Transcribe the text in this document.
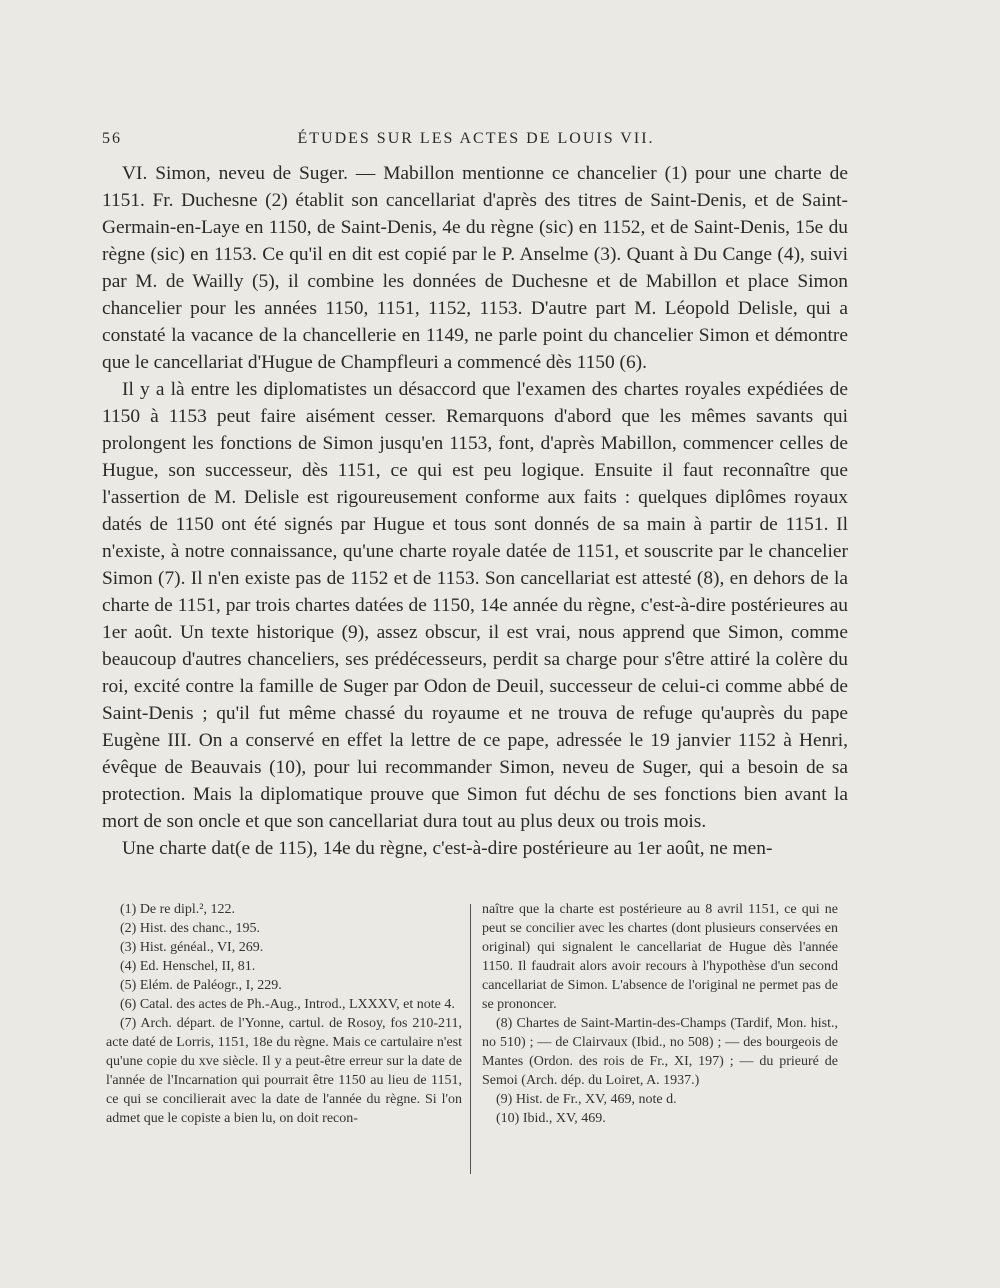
56	ÉTUDES SUR LES ACTES DE LOUIS VII.

VI. Simon, neveu de Suger. — Mabillon mentionne ce chancelier (1) pour une charte de 1151. Fr. Duchesne (2) établit son cancellariat d'après des titres de Saint-Denis, et de Saint-Germain-en-Laye en 1150, de Saint-Denis, 4e du règne (sic) en 1152, et de Saint-Denis, 15e du règne (sic) en 1153. Ce qu'il en dit est copié par le P. Anselme (3). Quant à Du Cange (4), suivi par M. de Wailly (5), il combine les données de Duchesne et de Mabillon et place Simon chancelier pour les années 1150, 1151, 1152, 1153. D'autre part M. Léopold Delisle, qui a constaté la vacance de la chancellerie en 1149, ne parle point du chancelier Simon et démontre que le cancellariat d'Hugue de Champfleuri a commencé dès 1150 (6).

Il y a là entre les diplomatistes un désaccord que l'examen des chartes royales expédiées de 1150 à 1153 peut faire aisément cesser. Remarquons d'abord que les mêmes savants qui prolongent les fonctions de Simon jusqu'en 1153, font, d'après Mabillon, commencer celles de Hugue, son successeur, dès 1151, ce qui est peu logique. Ensuite il faut reconnaître que l'assertion de M. Delisle est rigoureusement conforme aux faits : quelques diplômes royaux datés de 1150 ont été signés par Hugue et tous sont donnés de sa main à partir de 1151. Il n'existe, à notre connaissance, qu'une charte royale datée de 1151, et souscrite par le chancelier Simon (7). Il n'en existe pas de 1152 et de 1153. Son cancellariat est attesté (8), en dehors de la charte de 1151, par trois chartes datées de 1150, 14e année du règne, c'est-à-dire postérieures au 1er août. Un texte historique (9), assez obscur, il est vrai, nous apprend que Simon, comme beaucoup d'autres chanceliers, ses prédécesseurs, perdit sa charge pour s'être attiré la colère du roi, excité contre la famille de Suger par Odon de Deuil, successeur de celui-ci comme abbé de Saint-Denis ; qu'il fut même chassé du royaume et ne trouva de refuge qu'auprès du pape Eugène III. On a conservé en effet la lettre de ce pape, adressée le 19 janvier 1152 à Henri, évêque de Beauvais (10), pour lui recommander Simon, neveu de Suger, qui a besoin de sa protection. Mais la diplomatique prouve que Simon fut déchu de ses fonctions bien avant la mort de son oncle et que son cancellariat dura tout au plus deux ou trois mois.

Une charte dat(e de 115), 14e du règne, c'est-à-dire postérieure au 1er août, ne men-

(1) De re dipl.², 122.

(2) Hist. des chanc., 195.

(3) Hist. généal., VI, 269.

(4) Ed. Henschel, II, 81.

(5) Elém. de Paléogr., I, 229.

(6) Catal. des actes de Ph.-Aug., Introd., LXXXV, et note 4.

(7) Arch. départ. de l'Yonne, cartul. de Rosoy, fos 210-211, acte daté de Lorris, 1151, 18e du règne. Mais ce cartulaire n'est qu'une copie du xve siècle. Il y a peut-être erreur sur la date de l'année de l'Incarnation qui pourrait être 1150 au lieu de 1151, ce qui se concilierait avec la date de l'année du règne. Si l'on admet que le copiste a bien lu, on doit recon-

naître que la charte est postérieure au 8 avril 1151, ce qui ne peut se concilier avec les chartes (dont plusieurs conservées en original) qui signalent le cancellariat de Hugue dès l'année 1150. Il faudrait alors avoir recours à l'hypothèse d'un second cancellariat de Simon. L'absence de l'original ne permet pas de se prononcer.

(8) Chartes de Saint-Martin-des-Champs (Tardif, Mon. hist., no 510) ; — de Clairvaux (Ibid., no 508) ; — des bourgeois de Mantes (Ordon. des rois de Fr., XI, 197) ; — du prieuré de Semoi (Arch. dép. du Loiret, A. 1937.)

(9) Hist. de Fr., XV, 469, note d.

(10) Ibid., XV, 469.
